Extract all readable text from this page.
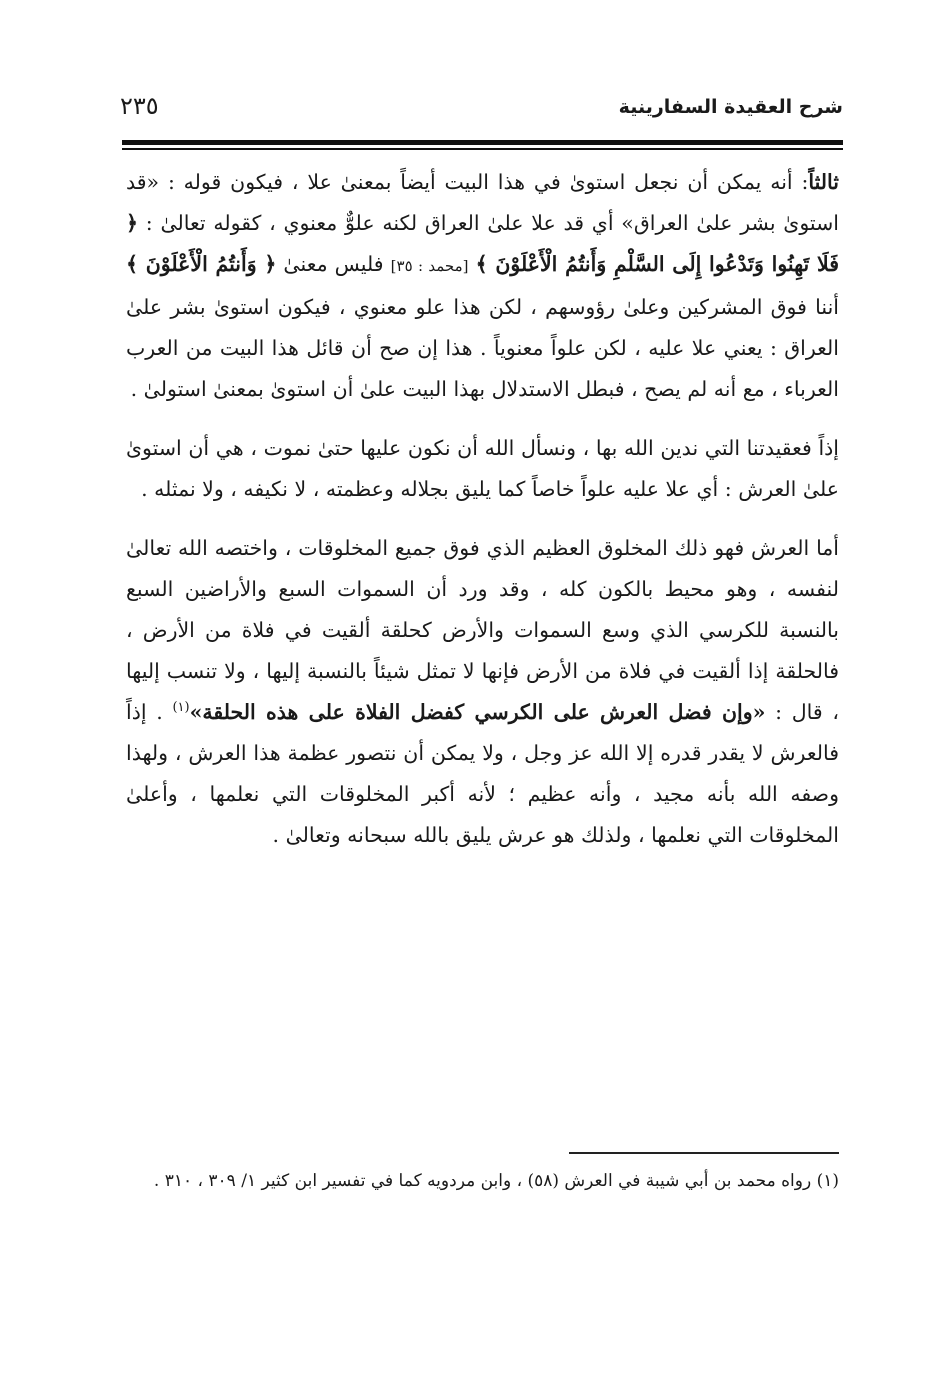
شرح العقيدة السفارينية
٢٣٥

ثالثاً: أنه يمكن أن نجعل استوىٰ في هذا البيت أيضاً بمعنىٰ علا ، فيكون قوله : «قد استوىٰ بشر علىٰ العراق» أي قد علا علىٰ العراق لكنه علوٌّ معنوي ، كقوله تعالىٰ : ﴿ فَلَا تَهِنُوا وَتَدْعُوا إِلَى السَّلْمِ وَأَنتُمُ الْأَعْلَوْنَ ﴾ [محمد : ٣٥] فليس معنىٰ ﴿ وَأَنتُمُ الْأَعْلَوْنَ ﴾ أننا فوق المشركين وعلىٰ رؤوسهم ، لكن هذا علو معنوي ، فيكون استوىٰ بشر علىٰ العراق : يعني علا عليه ، لكن علواً معنوياً . هذا إن صح أن قائل هذا البيت من العرب العرباء ، مع أنه لم يصح ، فبطل الاستدلال بهذا البيت علىٰ أن استوىٰ بمعنىٰ استولىٰ .

إذاً فعقيدتنا التي ندين الله بها ، ونسأل الله أن نكون عليها حتىٰ نموت ، هي أن استوىٰ علىٰ العرش : أي علا عليه علواً خاصاً كما يليق بجلاله وعظمته ، لا نكيفه ، ولا نمثله .

أما العرش فهو ذلك المخلوق العظيم الذي فوق جميع المخلوقات ، واختصه الله تعالىٰ لنفسه ، وهو محيط بالكون كله ، وقد ورد أن السموات السبع والأراضين السبع بالنسبة للكرسي الذي وسع السموات والأرض كحلقة ألقيت في فلاة من الأرض ، فالحلقة إذا ألقيت في فلاة من الأرض فإنها لا تمثل شيئاً بالنسبة إليها ، ولا تنسب إليها ، قال : «وإن فضل العرش على الكرسي كفضل الفلاة على هذه الحلقة»$^{(١)}$ . إذاً فالعرش لا يقدر قدره إلا الله عز وجل ، ولا يمكن أن نتصور عظمة هذا العرش ، ولهذا وصفه الله بأنه مجيد ، وأنه عظيم ؛ لأنه أكبر المخلوقات التي نعلمها ، وأعلىٰ المخلوقات التي نعلمها ، ولذلك هو عرش يليق بالله سبحانه وتعالىٰ .

(١) رواه محمد بن أبي شيبة في العرش (٥٨) ، وابن مردويه كما في تفسير ابن كثير ١/ ٣٠٩ ، ٣١٠ .
